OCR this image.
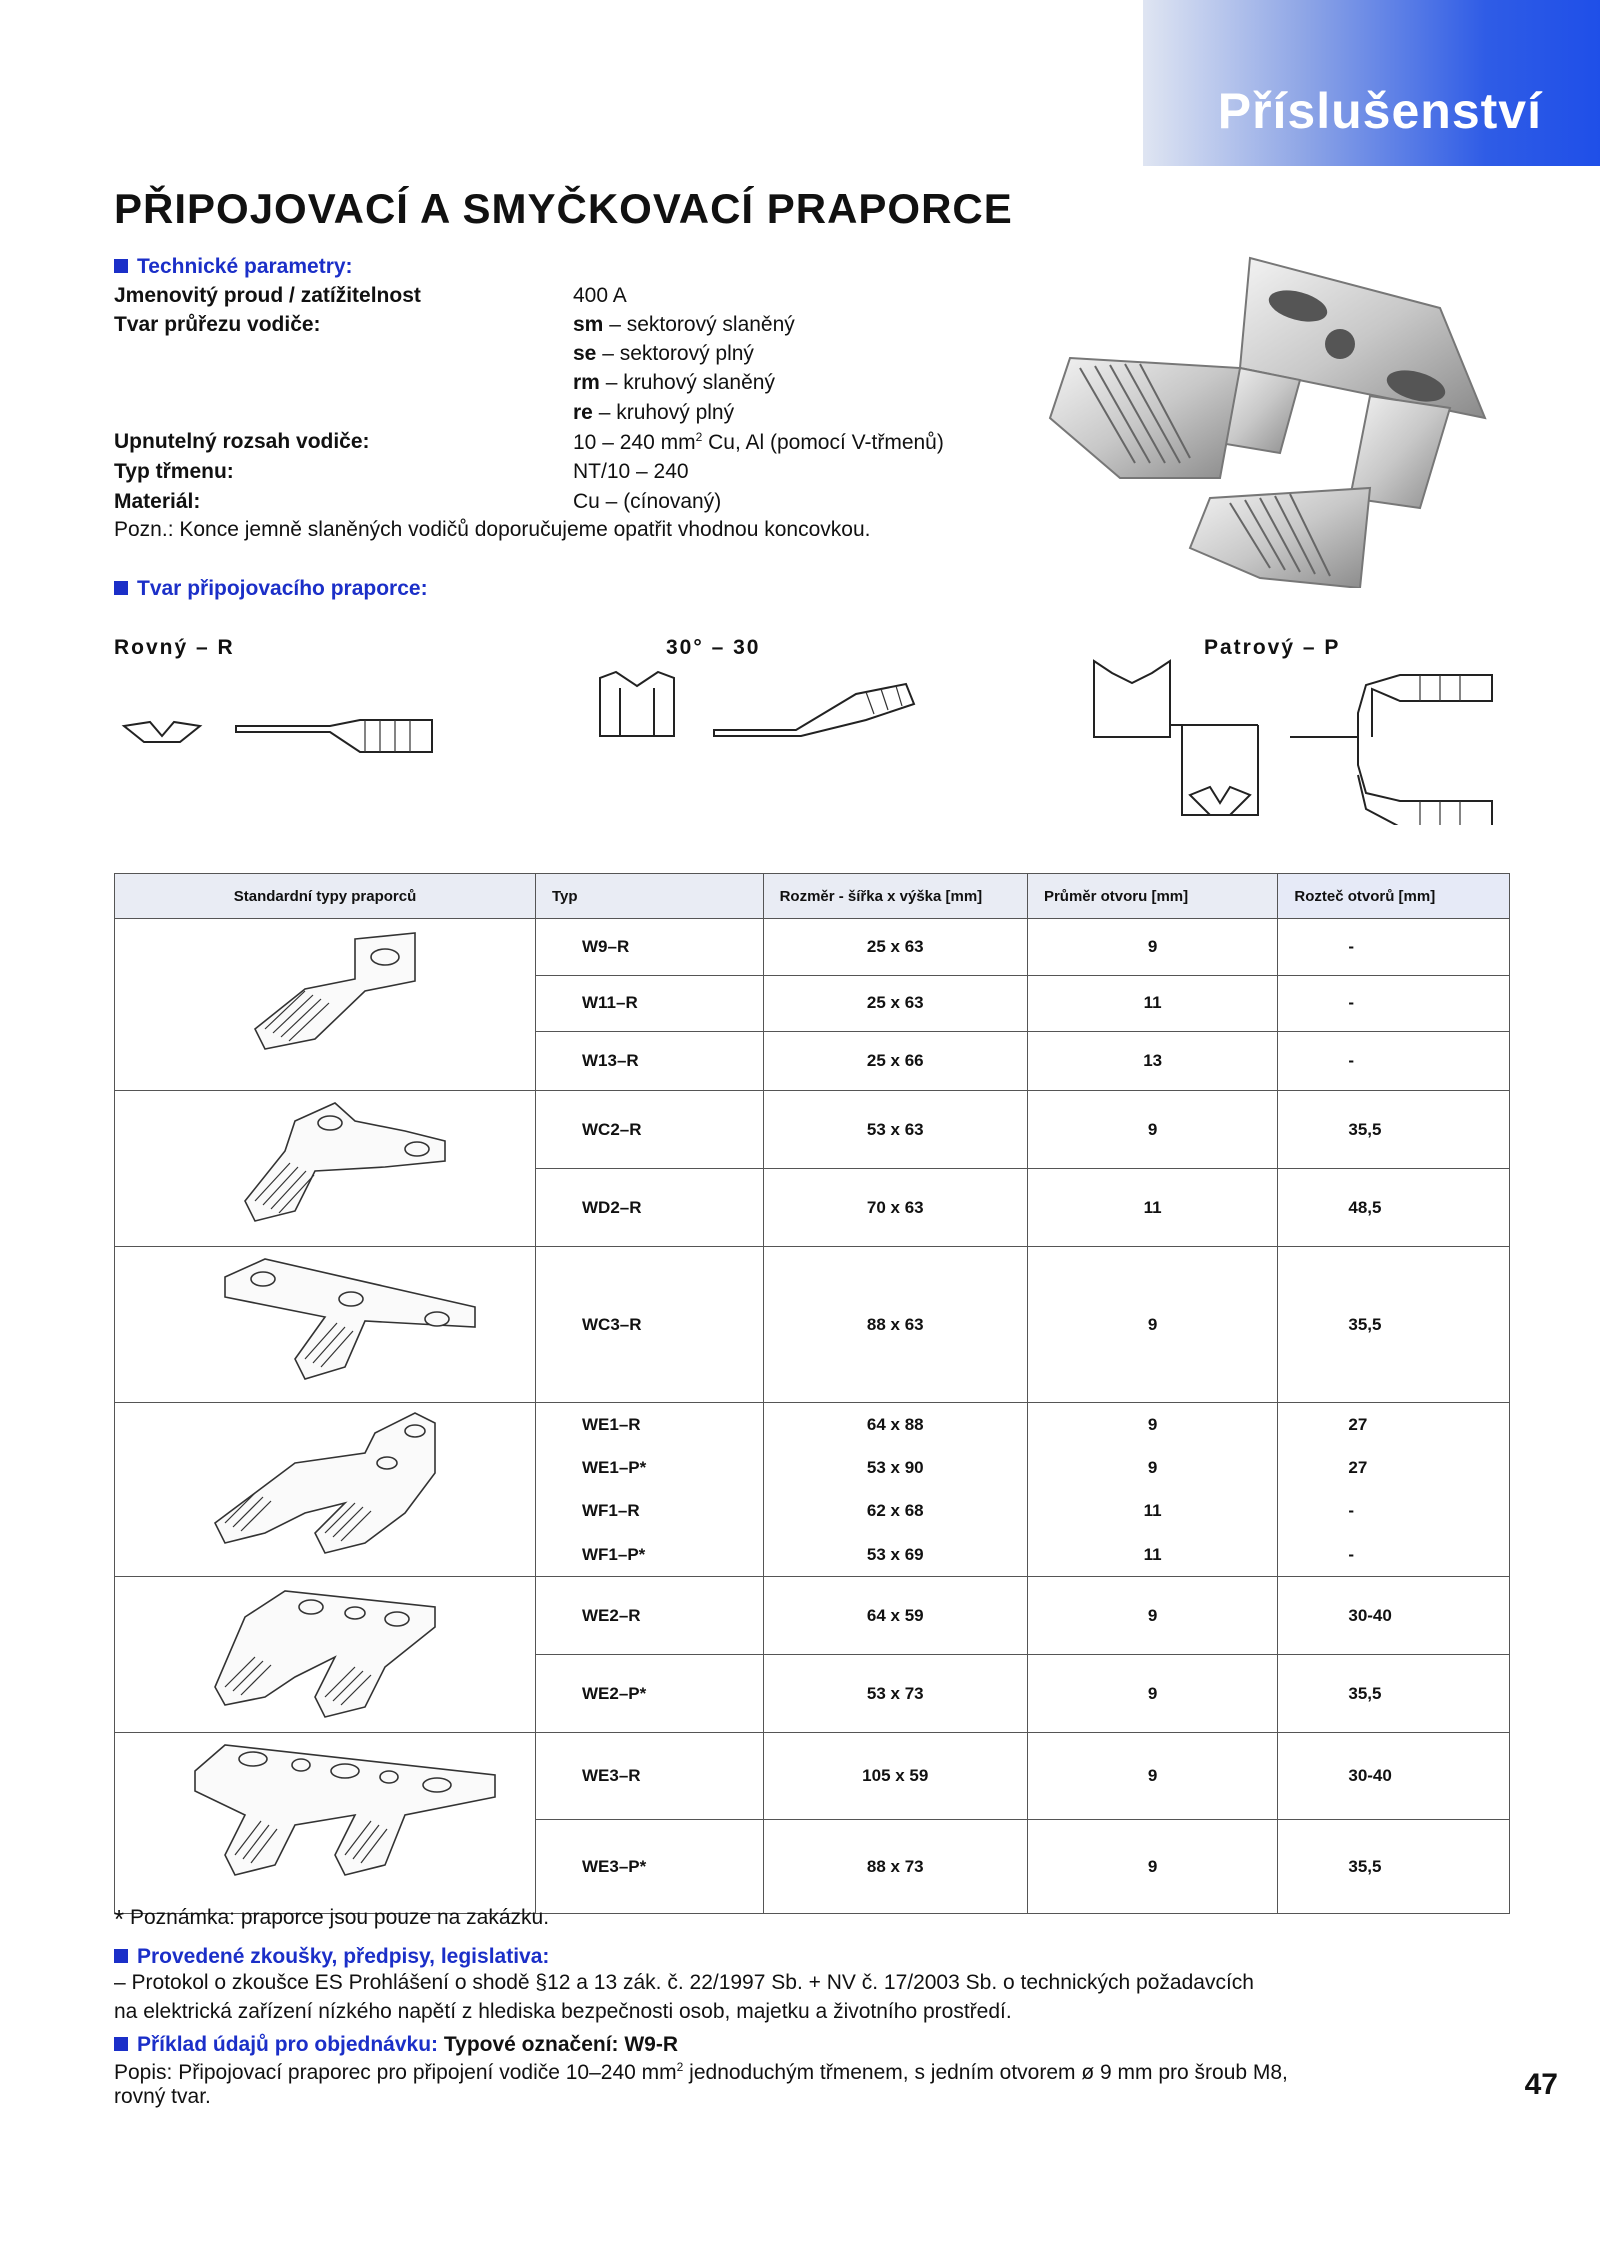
Příslušenství
PŘIPOJOVACÍ A SMYČKOVACÍ PRAPORCE
Technické parametry:
Jmenovitý proud / zatížitelnost	400 A
Tvar průřezu vodiče:	sm – sektorový slaněný
se – sektorový plný
rm – kruhový slaněný
re – kruhový plný
Upnutelný rozsah vodiče:	10 – 240 $mm^2$ Cu, Al (pomocí V-třmenů)
Typ třmenu:	NT/10 – 240
Materiál:	Cu – (cínovaný)
Pozn.: Konce jemně slaněných vodičů doporučujeme opatřit vhodnou koncovkou.
Tvar připojovacího praporce:
Rovný – R	30° – 30	Patrový – P
Standardní typy praporců	Typ	Rozměr - šířka x výška [mm]	Průměr otvoru [mm]	Rozteč otvorů [mm]
	W9–R	25 x 63	9	-
	W11–R	25 x 63	11	-
	W13–R	25 x 66	13	-
	WC2–R	53 x 63	9	35,5
	WD2–R	70 x 63	11	48,5
	WC3–R	88 x 63	9	35,5
	WE1–R	64 x 88	9	27
	WE1–P*	53 x 90	9	27
	WF1–R	62 x 68	11	-
	WF1–P*	53 x 69	11	-
	WE2–R	64 x 59	9	30-40
	WE2–P*	53 x 73	9	35,5
	WE3–R	105 x 59	9	30-40
	WE3–P*	88 x 73	9	35,5
* Poznámka: praporce jsou pouze na zakázku.
Provedené zkoušky, předpisy, legislativa:
– Protokol o zkoušce ES Prohlášení o shodě §12 a 13 zák. č. 22/1997 Sb. + NV č. 17/2003 Sb. o technických požadavcích
na elektrická zařízení nízkého napětí z hlediska bezpečnosti osob, majetku a životního prostředí.
Příklad údajů pro objednávku: Typové označení: W9-R
Popis: Připojovací praporec pro připojení vodiče 10–240 $mm^2$ jednoduchým třmenem, s jedním otvorem ø 9 mm pro šroub M8,
rovný tvar.	47
